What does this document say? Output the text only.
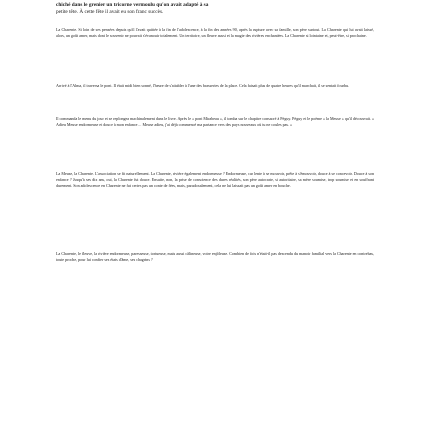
chiché dans le grenier un tricorne vermoulu qu'on avait adapté à sa
petite tête. À cette fête il avait eu son franc succès.

La Charente. Si loin de ses pensées depuis qu'il l'avait quittée à la fin de l'adolescence, à la fin des années 90, après la rupture avec sa famille, son père surtout. La Charente qui lui avait laissé, alors, un goût amer, mais dont le souvenir ne pouvait s'évanouir totalement. Un territoire, un fleuve aussi et la magie des rivières enchantées. La Charente si lointaine et, peut-être, si prochaine.

Arrivé à l'Alma, il traversa le pont. Il était midi bien sonné, l'heure de s'attabler à l'une des brasseries de la place. Cela faisait plus de quatre heures qu'il marchait, il se sentait fourbu.

Il commanda le menu du jour et se replongea machinalement dans le livre. Après le « pont Mirabeau », il tomba sur le chapitre consacré à Péguy. Péguy et le poème « la Meuse » qu'il découvrait. « Adieu Meuse endormeuse et douce à mon enfance… Meuse adieu, j'ai déjà commencé ma partance vers des pays nouveaux où tu ne coules pas. »

La Meuse, la Charente. L'association se fit naturellement. La Charente, rivière également endormeuse ? Endormeuse, car lente à se mouvoir, prête à s'émouvoir, douce à se concevoir. Douce à son enfance ? Jusqu'à ses dix ans, oui, la Charente fut douce. Ensuite, non, la prise de conscience des dures réalités, son père autocrate, si autoritaire, sa mère soumise, trop soumise et en souffrant durement. Son adolescence en Charente ne fut certes pas un conte de fées, mais, paradoxalement, cela ne lui laissait pas un goût amer en bouche.

La Charente, le fleuve, la rivière endormeuse, paresseuse, tortueuse, mais aussi câlineuse, voire enjôleuse. Combien de fois n'était-il pas descendu du manoir familial vers la Charente en contrebas, toute proche, pour lui confier ses états d'âme, ses chagrins ?
